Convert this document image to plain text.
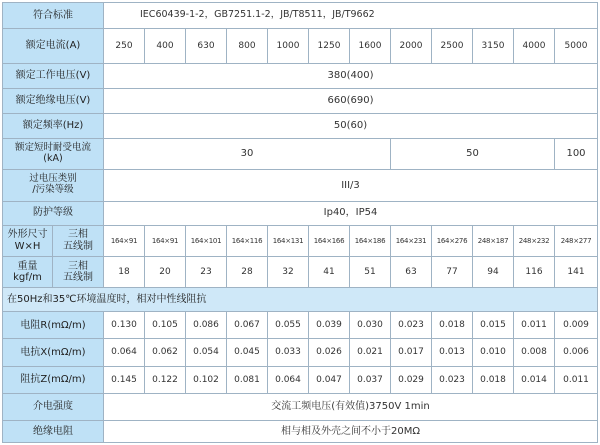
符合标准		IEC60439-1-2，GB7251.1-2，JB/T8511，JB/T9662											
额定电流(A)		250	400	630	800	1000	1250	1600	2000	2500	3150	4000	5000
额定工作电压(V)		380(400)											
额定绝缘电压(V)		660(690)											
额定频率(Hz)		50(60)											

额定短时耐受电流
(kA)		30							50				100

过电压类别
/污染等级		III/3											
防护等级		Ip40，IP54											

外形尺寸
W×H	三相
五线制	164×91	164×91	164×101	164×116	164×131	164×166	164×186	164×231	164×276	248×187	248×232	248×277

重量
kgf/m	三相
五线制	18	20	23	28	32	41	51	63	77	94	116	141
在50Hz和35℃环境温度时，相对中性线阻抗													
电阻R(mΩ/m)		0.130	0.105	0.086	0.067	0.055	0.039	0.030	0.023	0.018	0.015	0.011	0.009
电抗X(mΩ/m)		0.064	0.062	0.054	0.045	0.033	0.026	0.021	0.017	0.013	0.010	0.008	0.006
阻抗Z(mΩ/m)		0.145	0.122	0.102	0.081	0.064	0.047	0.037	0.029	0.023	0.018	0.014	0.011
介电强度		交流工频电压(有效值)3750V 1min											
绝缘电阻		相与相及外壳之间不小于20MΩ											
